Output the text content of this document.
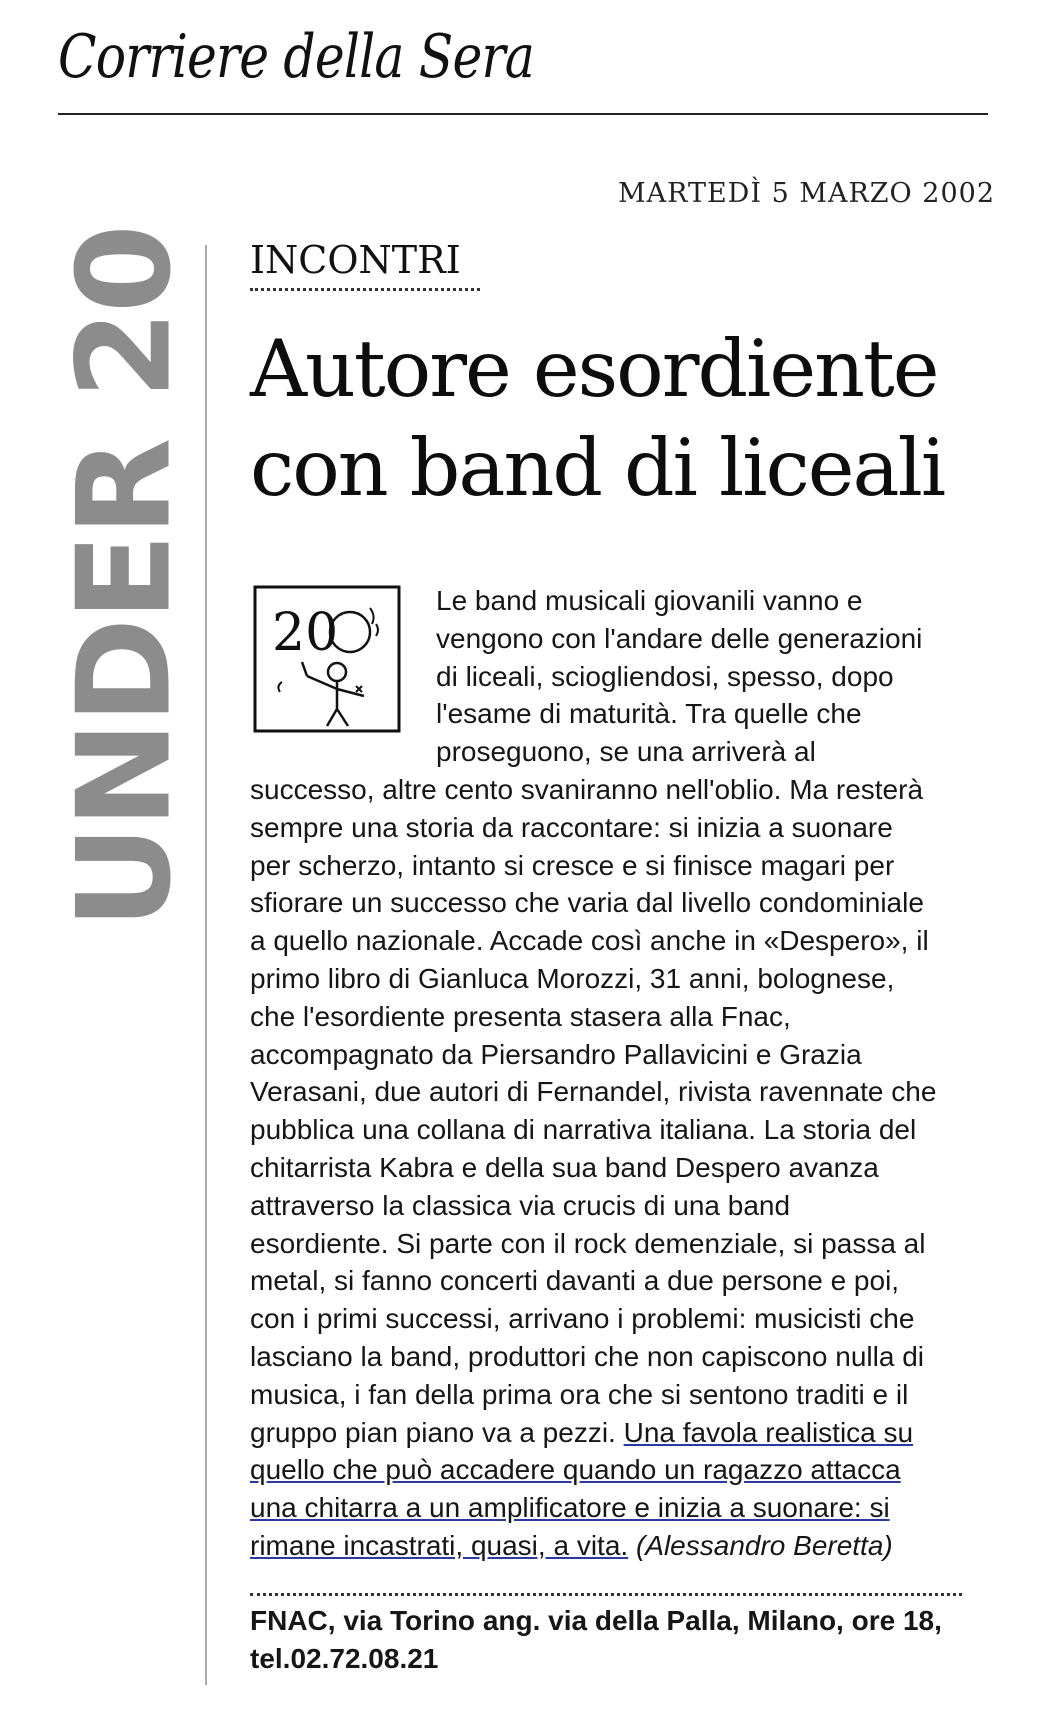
Corriere della Sera
MARTEDÌ 5 MARZO 2002
UNDER 20 INCONTRI
Autore esordiente
con band di liceali
20
Le band musicali giovanili vanno e
vengono con l'andare delle generazioni
di liceali, sciogliendosi, spesso, dopo
l'esame di maturità. Tra quelle che
proseguono, se una arriverà al
successo, altre cento svaniranno nell'oblio. Ma resterà
sempre una storia da raccontare: si inizia a suonare
per scherzo, intanto si cresce e si finisce magari per
sfiorare un successo che varia dal livello condominiale
a quello nazionale. Accade così anche in «Despero», il
primo libro di Gianluca Morozzi, 31 anni, bolognese,
che l'esordiente presenta stasera alla Fnac,
accompagnato da Piersandro Pallavicini e Grazia
Verasani, due autori di Fernandel, rivista ravennate che
pubblica una collana di narrativa italiana. La storia del
chitarrista Kabra e della sua band Despero avanza
attraverso la classica via crucis di una band
esordiente. Si parte con il rock demenziale, si passa al
metal, si fanno concerti davanti a due persone e poi,
con i primi successi, arrivano i problemi: musicisti che
lasciano la band, produttori che non capiscono nulla di
musica, i fan della prima ora che si sentono traditi e il
gruppo pian piano va a pezzi. Una favola realistica su
quello che può accadere quando un ragazzo attacca
una chitarra a un amplificatore e inizia a suonare: si
rimane incastrati, quasi, a vita. (Alessandro Beretta)
FNAC, via Torino ang. via della Palla, Milano, ore 18,
tel.02.72.08.21
